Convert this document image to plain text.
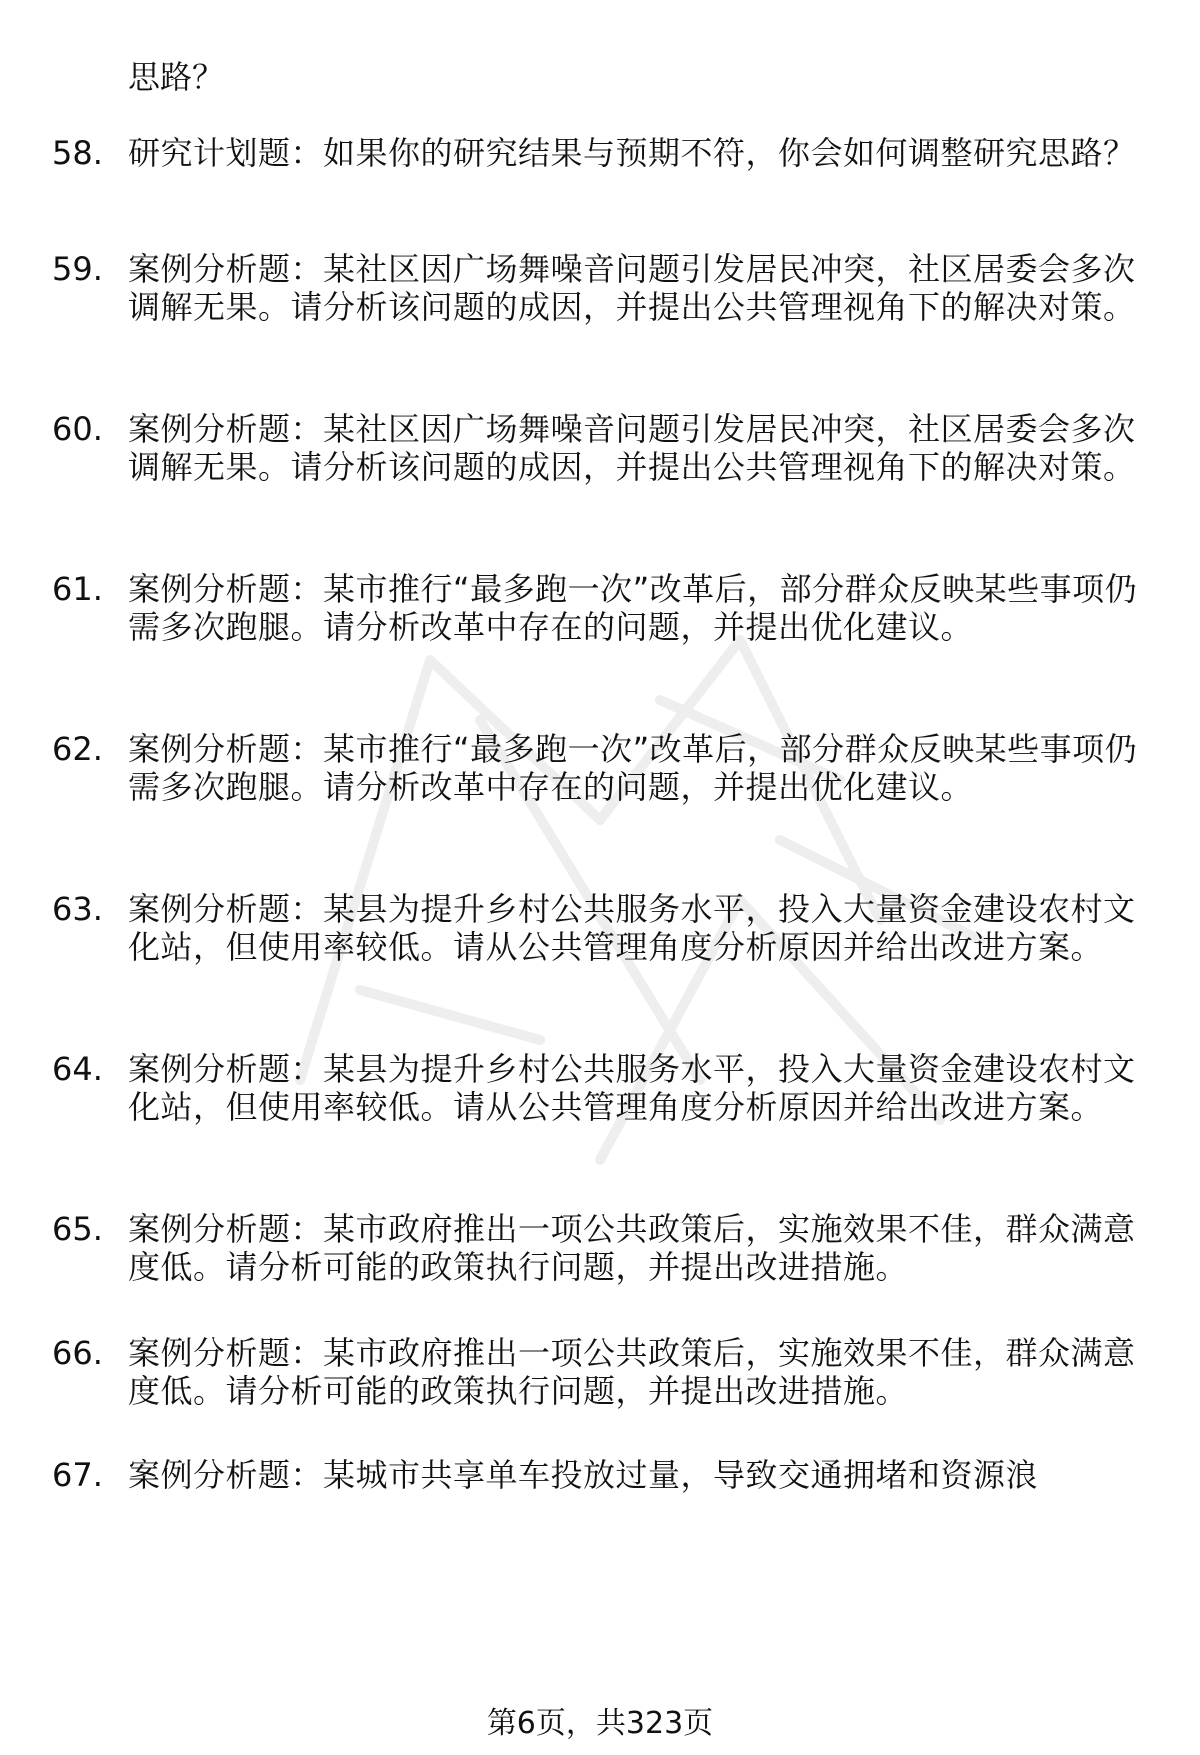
思路？
58. 研究计划题：如果你的研究结果与预期不符，你会如何调整研究思路？
59. 案例分析题：某社区因广场舞噪音问题引发居民冲突，社区居委会多次调解无果。请分析该问题的成因，并提出公共管理视角下的解决对策。
60. 案例分析题：某社区因广场舞噪音问题引发居民冲突，社区居委会多次调解无果。请分析该问题的成因，并提出公共管理视角下的解决对策。
61. 案例分析题：某市推行“最多跑一次”改革后，部分群众反映某些事项仍需多次跑腿。请分析改革中存在的问题，并提出优化建议。
62. 案例分析题：某市推行“最多跑一次”改革后，部分群众反映某些事项仍需多次跑腿。请分析改革中存在的问题，并提出优化建议。
63. 案例分析题：某县为提升乡村公共服务水平，投入大量资金建设农村文化站，但使用率较低。请从公共管理角度分析原因并给出改进方案。
64. 案例分析题：某县为提升乡村公共服务水平，投入大量资金建设农村文化站，但使用率较低。请从公共管理角度分析原因并给出改进方案。
65. 案例分析题：某市政府推出一项公共政策后，实施效果不佳，群众满意度低。请分析可能的政策执行问题，并提出改进措施。
66. 案例分析题：某市政府推出一项公共政策后，实施效果不佳，群众满意度低。请分析可能的政策执行问题，并提出改进措施。
67. 案例分析题：某城市共享单车投放过量，导致交通拥堵和资源浪
第6页，共323页
